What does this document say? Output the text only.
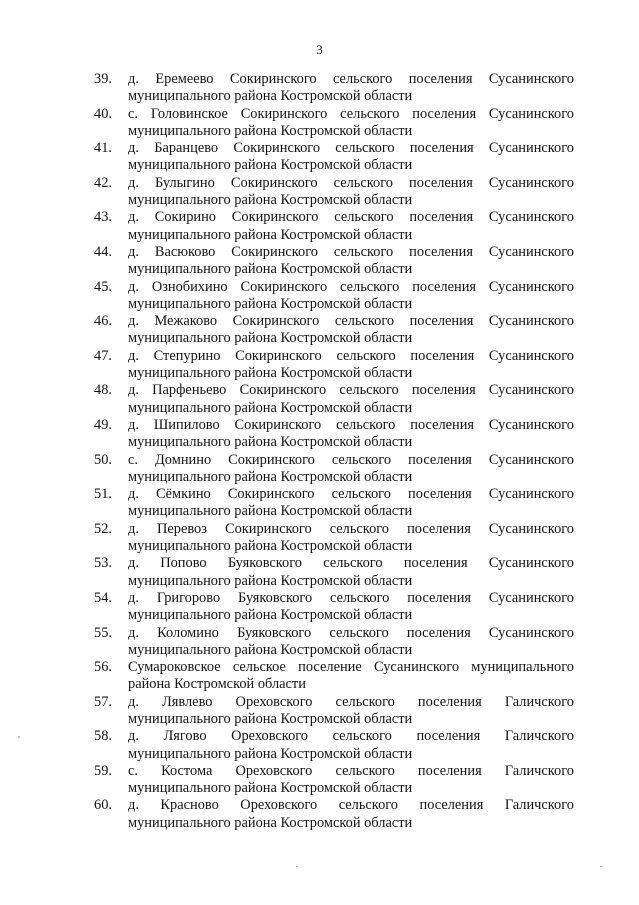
3
39.	д. Еремеево Сокиринского сельского поселения Сусанинского муниципального района Костромской области
40.	с. Головинское Сокиринского сельского поселения Сусанинского муниципального района Костромской области
41.	д. Баранцево Сокиринского сельского поселения Сусанинского муниципального района Костромской области
42.	д. Булыгино Сокиринского сельского поселения Сусанинского муниципального района Костромской области
43.	д. Сокирино Сокиринского сельского поселения Сусанинского муниципального района Костромской области
44.	д. Васюково Сокиринского сельского поселения Сусанинского муниципального района Костромской области
45.	д. Ознобихино Сокиринского сельского поселения Сусанинского муниципального района Костромской области
46.	д. Межаково Сокиринского сельского поселения Сусанинского муниципального района Костромской области
47.	д. Степурино Сокиринского сельского поселения Сусанинского муниципального района Костромской области
48.	д. Парфеньево Сокиринского сельского поселения Сусанинского муниципального района Костромской области
49.	д. Шипилово Сокиринского сельского поселения Сусанинского муниципального района Костромской области
50.	с. Домнино Сокиринского сельского поселения Сусанинского муниципального района Костромской области
51.	д. Сёмкино Сокиринского сельского поселения Сусанинского муниципального района Костромской области
52.	д. Перевоз Сокиринского сельского поселения Сусанинского муниципального района Костромской области
53.	д. Попово Буяковского сельского поселения Сусанинского муниципального района Костромской области
54.	д. Григорово Буяковского сельского поселения Сусанинского муниципального района Костромской области
55.	д. Коломино Буяковского сельского поселения Сусанинского муниципального района Костромской области
56.	Сумароковское сельское поселение Сусанинского муниципального района Костромской области
57.	д. Лявлево Ореховского сельского поселения Галичского муниципального района Костромской области
58.	д. Лягово Ореховского сельского поселения Галичского муниципального района Костромской области
59.	с. Костома Ореховского сельского поселения Галичского муниципального района Костромской области
60.	д. Красново Ореховского сельского поселения Галичского муниципального района Костромской области
